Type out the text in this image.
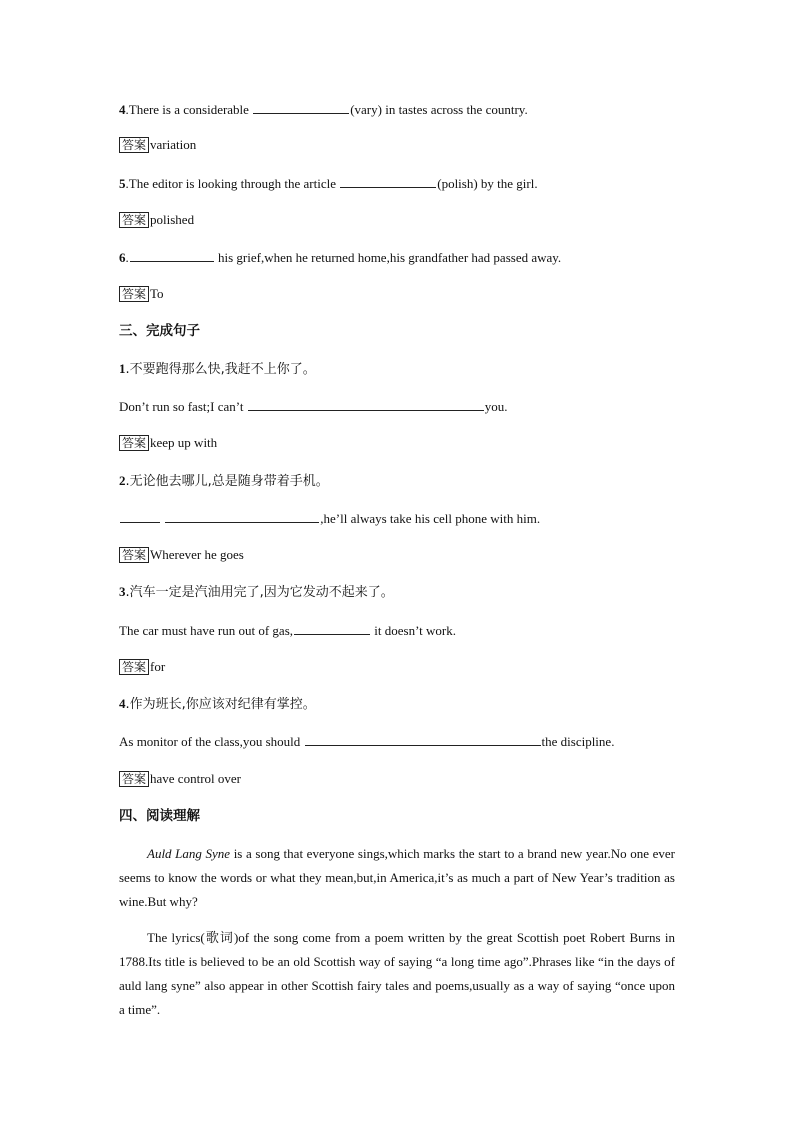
4.There is a considerable	(vary) in tastes across the country.
答案 variation
5.The editor is looking through the article	(polish) by the girl.
答案 polished
6.	his grief,when he returned home,his grandfather had passed away.
答案 To
三、完成句子
1.不要跑得那么快,我赶不上你了。
Don’t run so fast;I can’t	you.
答案 keep up with
2.无论他去哪儿,总是随身带着手机。
,he’ll always take his cell phone with him.
答案 Wherever he goes
3.汽车一定是汽油用完了,因为它发动不起来了。
The car must have run out of gas,	it doesn’t work.
答案 for
4.作为班长,你应该对纪律有掌控。
As monitor of the class,you should	the discipline.
答案 have control over
四、阅读理解
Auld Lang Syne is a song that everyone sings,which marks the start to a brand new year.No one ever seems to know the words or what they mean,but,in America,it’s as much a part of New Year’s tradition as wine.But why?
The lyrics(歌词)of the song come from a poem written by the great Scottish poet Robert Burns in 1788.Its title is believed to be an old Scottish way of saying “a long time ago”.Phrases like “in the days of auld lang syne” also appear in other Scottish fairy tales and poems,usually as a way of saying “once upon a time”.
